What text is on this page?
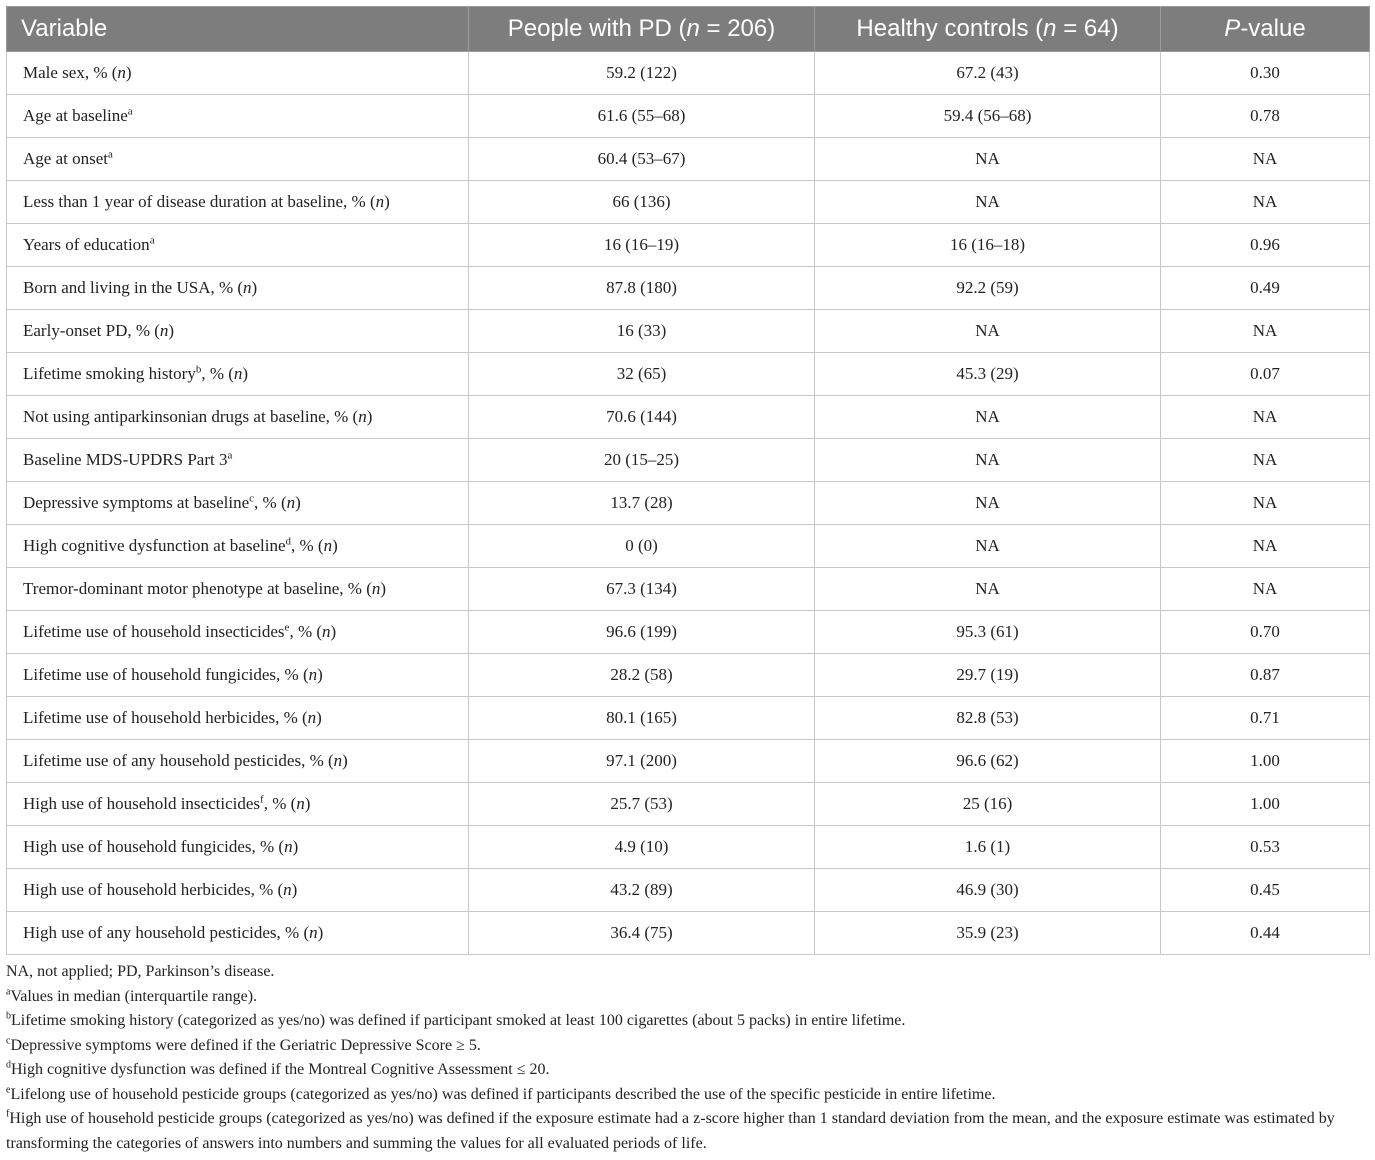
Variable	People with PD (n = 206)	Healthy controls (n = 64)	P-value
Male sex, % (n)	59.2 (122)	67.2 (43)	0.30
Age at baseline$^a$	61.6 (55–68)	59.4 (56–68)	0.78
Age at onset$^a$	60.4 (53–67)	NA	NA
Less than 1 year of disease duration at baseline, % (n)	66 (136)	NA	NA
Years of education$^a$	16 (16–19)	16 (16–18)	0.96
Born and living in the USA, % (n)	87.8 (180)	92.2 (59)	0.49
Early-onset PD, % (n)	16 (33)	NA	NA
Lifetime smoking history$^b$, % (n)	32 (65)	45.3 (29)	0.07
Not using antiparkinsonian drugs at baseline, % (n)	70.6 (144)	NA	NA
Baseline MDS-UPDRS Part 3$^a$	20 (15–25)	NA	NA
Depressive symptoms at baseline$^c$, % (n)	13.7 (28)	NA	NA
High cognitive dysfunction at baseline$^d$, % (n)	0 (0)	NA	NA
Tremor-dominant motor phenotype at baseline, % (n)	67.3 (134)	NA	NA
Lifetime use of household insecticides$^e$, % (n)	96.6 (199)	95.3 (61)	0.70
Lifetime use of household fungicides, % (n)	28.2 (58)	29.7 (19)	0.87
Lifetime use of household herbicides, % (n)	80.1 (165)	82.8 (53)	0.71
Lifetime use of any household pesticides, % (n)	97.1 (200)	96.6 (62)	1.00
High use of household insecticides$^f$, % (n)	25.7 (53)	25 (16)	1.00
High use of household fungicides, % (n)	4.9 (10)	1.6 (1)	0.53
High use of household herbicides, % (n)	43.2 (89)	46.9 (30)	0.45
High use of any household pesticides, % (n)	36.4 (75)	35.9 (23)	0.44
NA, not applied; PD, Parkinson’s disease.
$^a$Values in median (interquartile range).
$^b$Lifetime smoking history (categorized as yes/no) was defined if participant smoked at least 100 cigarettes (about 5 packs) in entire lifetime.
$^c$Depressive symptoms were defined if the Geriatric Depressive Score ≥ 5.
$^d$High cognitive dysfunction was defined if the Montreal Cognitive Assessment ≤ 20.
$^e$Lifelong use of household pesticide groups (categorized as yes/no) was defined if participants described the use of the specific pesticide in entire lifetime.
$^f$High use of household pesticide groups (categorized as yes/no) was defined if the exposure estimate had a z-score higher than 1 standard deviation from the mean, and the exposure estimate was estimated by transforming the categories of answers into numbers and summing the values for all evaluated periods of life.
